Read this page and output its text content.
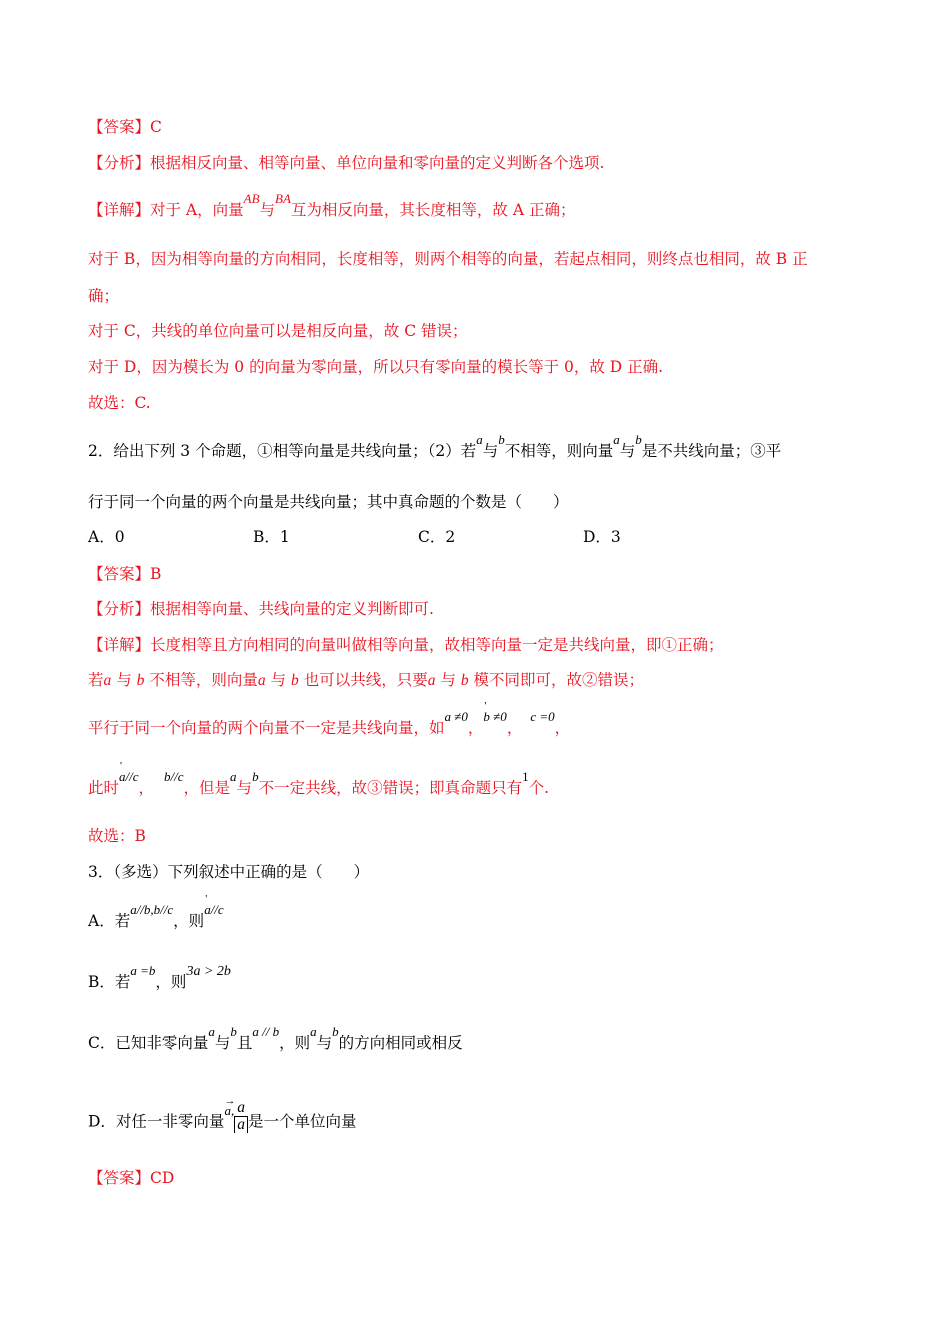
【答案】C
【分析】根据相反向量、相等向量、单位向量和零向量的定义判断各个选项.
【详解】对于 A，向量$^{AB}$与$^{BA}$互为相反向量，其长度相等，故 A 正确；
对于 B，因为相等向量的方向相同，长度相等，则两个相等的向量，若起点相同，则终点也相同，故 B 正
确；
对于 C，共线的单位向量可以是相反向量，故 C 错误；
对于 D，因为模长为 0 的向量为零向量，所以只有零向量的模长等于 0，故 D 正确.
故选：C.
2．给出下列 3 个命题，①相等向量是共线向量；（2）若$^a$与$^b$不相等，则向量$^a$与$^b$是不共线向量；③平
行于同一个向量的两个向量是共线向量；其中真命题的个数是（　　）
A．0	B．1	C．2	D．3
【答案】B
【分析】根据相等向量、共线向量的定义判断即可.
【详解】长度相等且方向相同的向量叫做相等向量，故相等向量一定是共线向量，即①正确；
若a 与 b 不相等，则向量a 与 b 也可以共线，只要a 与 b 模不同即可，故②错误；
平行于同一个向量的两个向量不一定是共线向量，如$^{a \ne 0}$，' b ≠0，$^{c =0}$，
此时' a//c，$^{b//c}$，但是$^a$与$^b$不一定共线，故③错误；即真命题只有$^1$个.
故选：B
3．（多选）下列叙述中正确的是（　　）
A．若$^{a//b,b//c}$，则' a//c
B．若$^{a =b}$，则3a > 2b
C．已知非零向量$^a$与$^b$且$^{a // b}$，则$^a$与$^b$的方向相同或相反
D．对任一非零向量
$^{\to a,}\frac{a}{a}$是一个单位向量
【答案】CD
